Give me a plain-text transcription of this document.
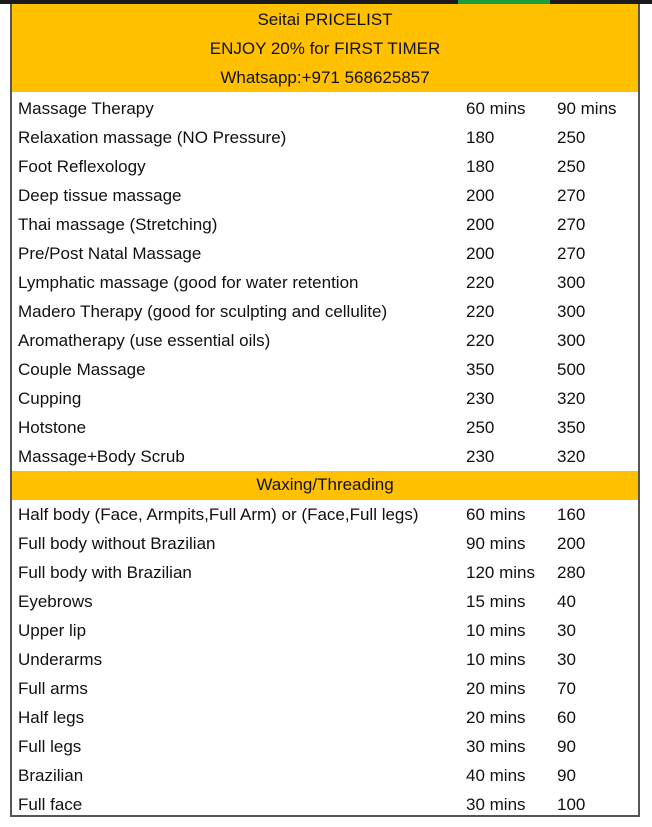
Seitai PRICELIST
ENJOY 20% for FIRST TIMER
Whatsapp:+971 568625857
Massage Therapy	60 mins 90 mins
Relaxation massage (NO Pressure)	180	250
Foot Reflexology	180	250
Deep tissue massage	200	270
Thai massage (Stretching)	200	270
Pre/Post Natal Massage	200	270
Lymphatic massage (good for water retention	220	300
Madero Therapy (good for sculpting and cellulite)	220	300
Aromatherapy (use essential oils)	220	300
Couple Massage	350	500
Cupping	230	320
Hotstone	250	350
Massage+Body Scrub	230	320
Waxing/Threading
Half body (Face, Armpits,Full Arm) or (Face,Full legs)	60 mins 160
Full body without Brazilian	90 mins 200
Full body with Brazilian	120 mins 280
Eyebrows	15 mins 40
Upper lip	10 mins 30
Underarms	10 mins 30
Full arms	20 mins 70
Half legs	20 mins 60
Full legs	30 mins 90
Brazilian	40 mins 90
Full face	30 mins 100
